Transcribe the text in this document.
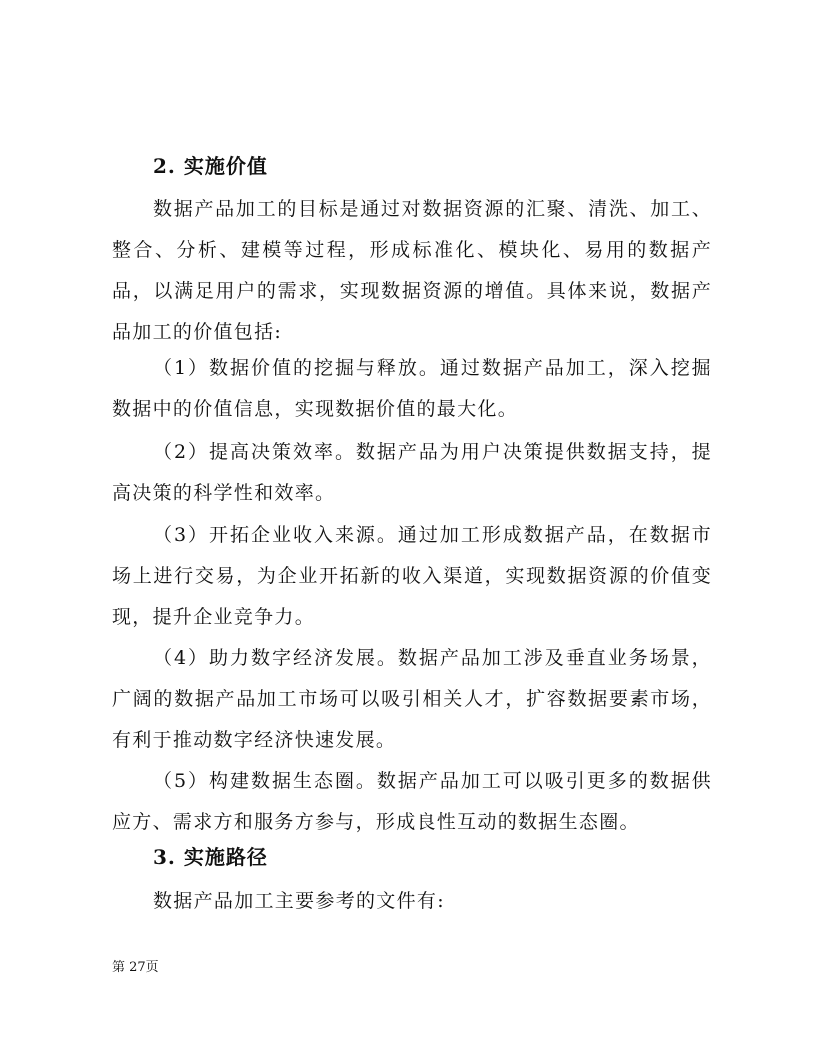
2. 实施价值

数据产品加工的目标是通过对数据资源的汇聚、清洗、加工、整合、分析、建模等过程，形成标准化、模块化、易用的数据产品，以满足用户的需求，实现数据资源的增值。具体来说，数据产品加工的价值包括:

（1）数据价值的挖掘与释放。通过数据产品加工，深入挖掘数据中的价值信息，实现数据价值的最大化。

（2）提高决策效率。数据产品为用户决策提供数据支持，提高决策的科学性和效率。

（3）开拓企业收入来源。通过加工形成数据产品，在数据市场上进行交易，为企业开拓新的收入渠道，实现数据资源的价值变现，提升企业竞争力。

（4）助力数字经济发展。数据产品加工涉及垂直业务场景，广阔的数据产品加工市场可以吸引相关人才，扩容数据要素市场，有利于推动数字经济快速发展。

（5）构建数据生态圈。数据产品加工可以吸引更多的数据供应方、需求方和服务方参与，形成良性互动的数据生态圈。

3. 实施路径

数据产品加工主要参考的文件有:

第 27页
